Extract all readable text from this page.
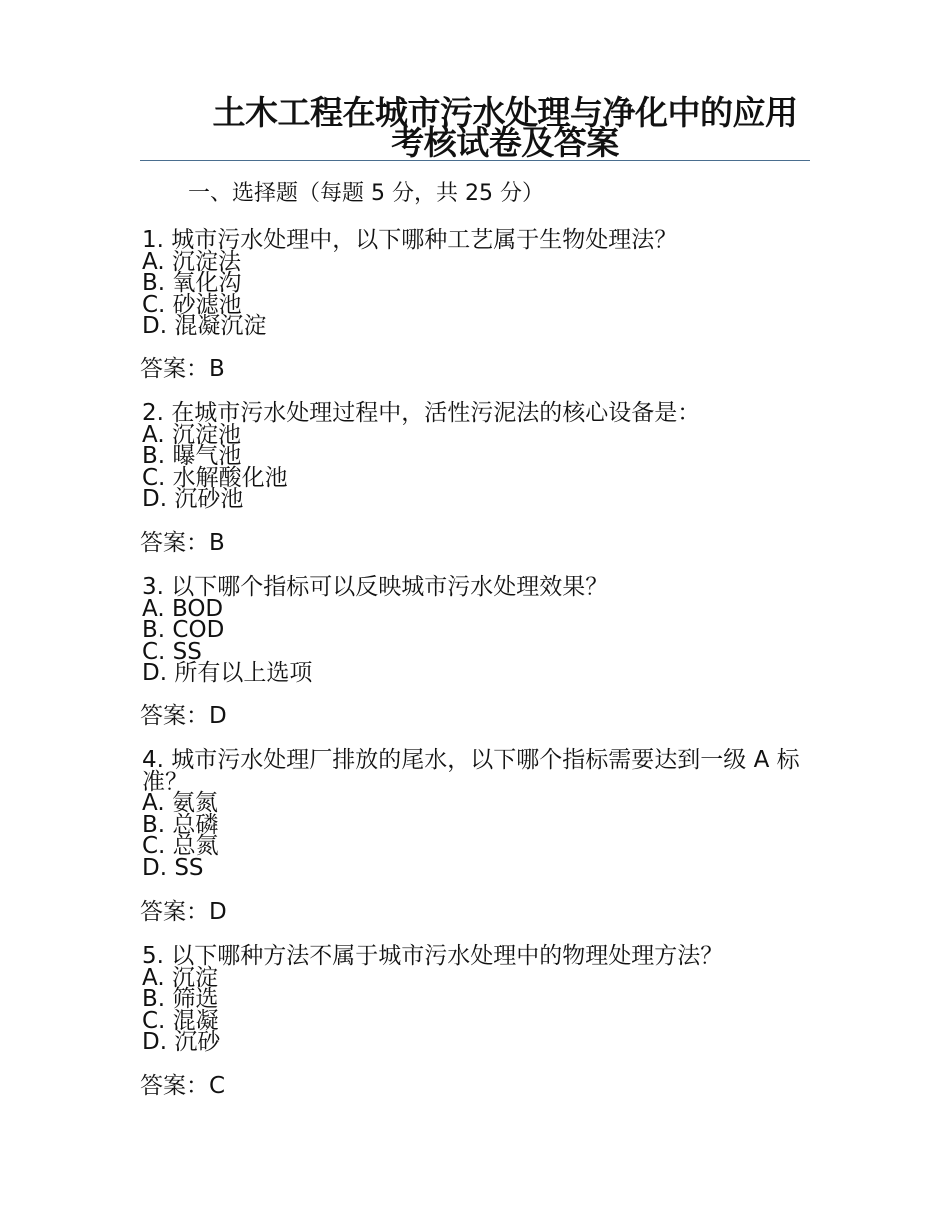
土木工程在城市污水处理与净化中的应用
考核试卷及答案
一、选择题（每题 5 分，共 25 分）
1. 城市污水处理中，以下哪种工艺属于生物处理法？
A. 沉淀法
B. 氧化沟
C. 砂滤池
D. 混凝沉淀
答案：B
2. 在城市污水处理过程中，活性污泥法的核心设备是：
A. 沉淀池
B. 曝气池
C. 水解酸化池
D. 沉砂池
答案：B
3. 以下哪个指标可以反映城市污水处理效果？
A. BOD
B. COD
C. SS
D. 所有以上选项
答案：D
4. 城市污水处理厂排放的尾水，以下哪个指标需要达到一级 A 标准？
A. 氨氮
B. 总磷
C. 总氮
D. SS
答案：D
5. 以下哪种方法不属于城市污水处理中的物理处理方法？
A. 沉淀
B. 筛选
C. 混凝
D. 沉砂
答案：C
